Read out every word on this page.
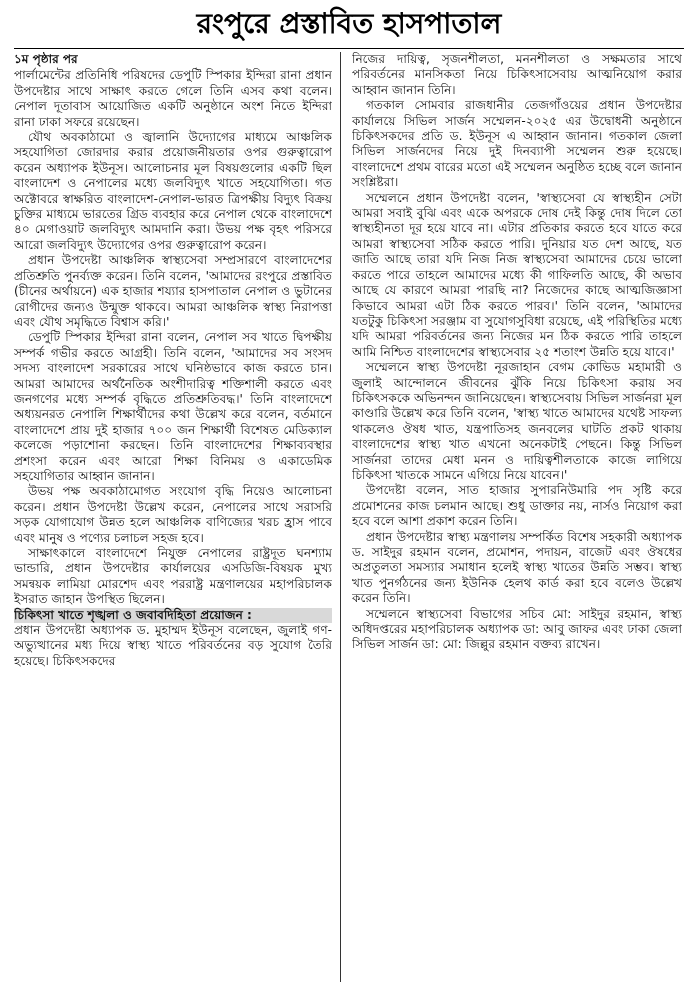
রংপুরে প্রস্তাবিত হাসপাতাল
১ম পৃষ্ঠার পর

পার্লামেন্টের প্রতিনিধি পরিষদের ডেপুটি স্পিকার ইন্দিরা রানা প্রধান উপদেষ্টার সাথে সাক্ষাৎ করতে গেলে তিনি এসব কথা বলেন। নেপাল দূতাবাস আয়োজিত একটি অনুষ্ঠানে অংশ নিতে ইন্দিরা রানা ঢাকা সফরে রয়েছেন।

যৌথ অবকাঠামো ও জ্বালানি উদ্যোগের মাধ্যমে আঞ্চলিক সহযোগিতা জোরদার করার প্রয়োজনীয়তার ওপর গুরুত্বারোপ করেন অধ্যাপক ইউনূস। আলোচনার মূল বিষয়গুলোর একটি ছিল বাংলাদেশ ও নেপালের মধ্যে জলবিদ্যুৎ খাতে সহযোগিতা। গত অক্টোবরে স্বাক্ষরিত বাংলাদেশ-নেপাল-ভারত ত্রিপক্ষীয় বিদ্যুৎ বিক্রয় চুক্তির মাধ্যমে ভারতের গ্রিড ব্যবহার করে নেপাল থেকে বাংলাদেশে ৪০ মেগাওয়াট জলবিদ্যুৎ আমদানি করা। উভয় পক্ষ বৃহৎ পরিসরে আরো জলবিদ্যুৎ উদ্যোগের ওপর গুরুত্বারোপ করেন।

প্রধান উপদেষ্টা আঞ্চলিক স্বাস্থ্যসেবা সম্প্রসারণে বাংলাদেশের প্রতিশ্রুতি পুনর্ব্যক্ত করেন। তিনি বলেন, 'আমাদের রংপুরে প্রস্তাবিত (চীনের অর্থায়নে) এক হাজার শয্যার হাসপাতাল নেপাল ও ভুটানের রোগীদের জন্যও উন্মুক্ত থাকবে। আমরা আঞ্চলিক স্বাস্থ্য নিরাপত্তা এবং যৌথ সমৃদ্ধিতে বিশ্বাস করি।'

ডেপুটি স্পিকার ইন্দিরা রানা বলেন, নেপাল সব খাতে দ্বিপক্ষীয় সম্পর্ক গভীর করতে আগ্রহী। তিনি বলেন, 'আমাদের সব সংসদ সদস্য বাংলাদেশ সরকারের সাথে ঘনিষ্ঠভাবে কাজ করতে চান। আমরা আমাদের অর্থনৈতিক অংশীদারিত্ব শক্তিশালী করতে এবং জনগণের মধ্যে সম্পর্ক বৃদ্ধিতে প্রতিশ্রুতিবদ্ধ।' তিনি বাংলাদেশে অধ্যয়নরত নেপালি শিক্ষার্থীদের কথা উল্লেখ করে বলেন, বর্তমানে বাংলাদেশে প্রায় দুই হাজার ৭০০ জন শিক্ষার্থী বিশেষত মেডিক্যাল কলেজে পড়াশোনা করছেন। তিনি বাংলাদেশের শিক্ষাব্যবস্থার প্রশংসা করেন এবং আরো শিক্ষা বিনিময় ও একাডেমিক সহযোগিতার আহ্বান জানান।

উভয় পক্ষ অবকাঠামোগত সংযোগ বৃদ্ধি নিয়েও আলোচনা করেন। প্রধান উপদেষ্টা উল্লেখ করেন, নেপালের সাথে সরাসরি সড়ক যোগাযোগ উন্নত হলে আঞ্চলিক বাণিজ্যের খরচ হ্রাস পাবে এবং মানুষ ও পণ্যের চলাচল সহজ হবে।

সাক্ষাৎকালে বাংলাদেশে নিযুক্ত নেপালের রাষ্ট্রদূত ঘনশ্যাম ভান্ডারি, প্রধান উপদেষ্টার কার্যালয়ের এসডিজি-বিষয়ক মুখ্য সমন্বয়ক লামিয়া মোরশেদ এবং পররাষ্ট্র মন্ত্রণালয়ের মহাপরিচালক ইসরাত জাহান উপস্থিত ছিলেন।

চিকিৎসা খাতে শৃঙ্খলা ও জবাবদিহিতা প্রয়োজন :

প্রধান উপদেষ্টা অধ্যাপক ড. মুহাম্মদ ইউনূস বলেছেন, জুলাই গণ-অভ্যুত্থানের মধ্য দিয়ে স্বাস্থ্য খাতে পরিবর্তনের বড় সুযোগ তৈরি হয়েছে। চিকিৎসকদের

নিজের দায়িত্ব, সৃজনশীলতা, মননশীলতা ও সক্ষমতার সাথে পরিবর্তনের মানসিকতা নিয়ে চিকিৎসাসেবায় আত্মনিয়োগ করার আহ্বান জানান তিনি।

গতকাল সোমবার রাজধানীর তেজগাঁওয়ের প্রধান উপদেষ্টার কার্যালয়ে সিভিল সার্জন সম্মেলন-২০২৫ এর উদ্বোধনী অনুষ্ঠানে চিকিৎসকদের প্রতি ড. ইউনূস এ আহ্বান জানান। গতকাল জেলা সিভিল সার্জনদের নিয়ে দুই দিনব্যাপী সম্মেলন শুরু হয়েছে। বাংলাদেশে প্রথম বারের মতো এই সম্মেলন অনুষ্ঠিত হচ্ছে বলে জানান সংশ্লিষ্টরা।

সম্মেলনে প্রধান উপদেষ্টা বলেন, 'স্বাস্থ্যসেবা যে স্বাস্থ্যহীন সেটা আমরা সবাই বুঝি এবং একে অপরকে দোষ দেই কিন্তু দোষ দিলে তো স্বাস্থ্যহীনতা দূর হয়ে যাবে না। এটার প্রতিকার করতে হবে যাতে করে আমরা স্বাস্থ্যসেবা সঠিক করতে পারি। দুনিয়ার যত দেশ আছে, যত জাতি আছে তারা যদি নিজ নিজ স্বাস্থ্যসেবা আমাদের চেয়ে ভালো করতে পারে তাহলে আমাদের মধ্যে কী গাফিলতি আছে, কী অভাব আছে যে কারণে আমরা পারছি না? নিজেদের কাছে আত্মজিজ্ঞাসা কিভাবে আমরা এটা ঠিক করতে পারব।' তিনি বলেন, 'আমাদের যতটুকু চিকিৎসা সরঞ্জাম বা সুযোগসুবিধা রয়েছে, এই পরিস্থিতির মধ্যে যদি আমরা পরিবর্তনের জন্য নিজের মন ঠিক করতে পারি তাহলে আমি নিশ্চিত বাংলাদেশের স্বাস্থ্যসেবার ২৫ শতাংশ উন্নতি হয়ে যাবে।'

সম্মেলনে স্বাস্থ্য উপদেষ্টা নূরজাহান বেগম কোভিড মহামারী ও জুলাই আন্দোলনে জীবনের ঝুঁকি নিয়ে চিকিৎসা করায় সব চিকিৎসককে অভিনন্দন জানিয়েছেন। স্বাস্থ্যসেবায় সিভিল সার্জনরা মূল কাণ্ডারি উল্লেখ করে তিনি বলেন, 'স্বাস্থ্য খাতে আমাদের যথেষ্ট সাফল্য থাকলেও ঔষধ খাত, যন্ত্রপাতিসহ জনবলের ঘাটতি প্রকট থাকায় বাংলাদেশের স্বাস্থ্য খাত এখনো অনেকটাই পেছনে। কিন্তু সিভিল সার্জনরা তাদের মেধা মনন ও দায়িত্বশীলতাকে কাজে লাগিয়ে চিকিৎসা খাতকে সামনে এগিয়ে নিয়ে যাবেন।'

উপদেষ্টা বলেন, সাত হাজার সুপারনিউমারি পদ সৃষ্টি করে প্রমোশনের কাজ চলমান আছে। শুধু ডাক্তার নয়, নার্সও নিয়োগ করা হবে বলে আশা প্রকাশ করেন তিনি।

প্রধান উপদেষ্টার স্বাস্থ্য মন্ত্রণালয় সম্পর্কিত বিশেষ সহকারী অধ্যাপক ড. সাইদুর রহমান বলেন, প্রমোশন, পদায়ন, বাজেট এবং ঔষধের অপ্রতুলতা সমস্যার সমাধান হলেই স্বাস্থ্য খাতের উন্নতি সম্ভব। স্বাস্থ্য খাত পুনর্গঠনের জন্য ইউনিক হেলথ কার্ড করা হবে বলেও উল্লেখ করেন তিনি।

সম্মেলনে স্বাস্থ্যসেবা বিভাগের সচিব মো: সাইদুর রহমান, স্বাস্থ্য অধিদপ্তরের মহাপরিচালক অধ্যাপক ডা: আবু জাফর এবং ঢাকা জেলা সিভিল সার্জন ডা: মো: জিল্লুর রহমান বক্তব্য রাখেন।
